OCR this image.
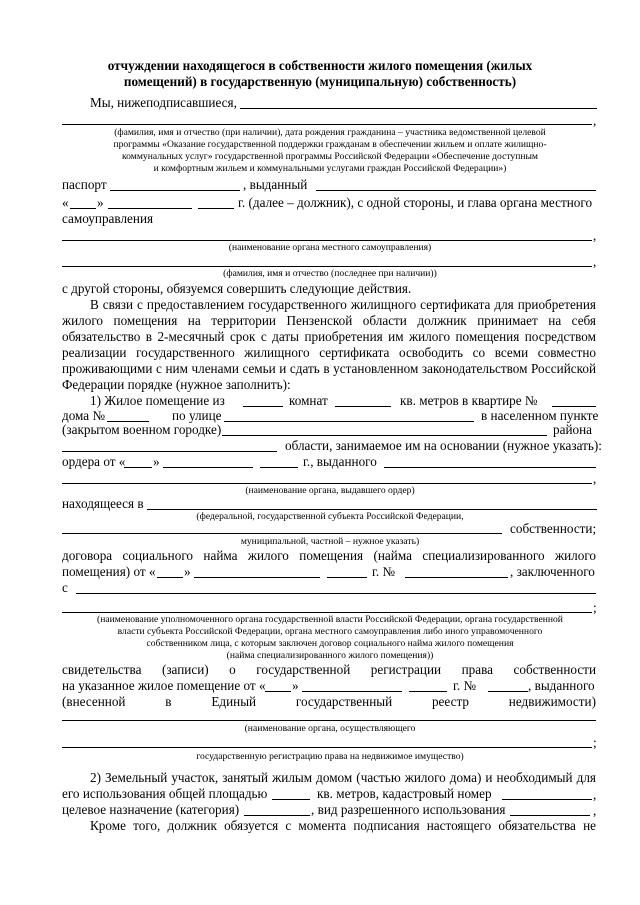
отчуждении находящегося в собственности жилого помещения (жилых
помещений) в государственную (муниципальную) собственность)
Мы, нижеподписавшиеся,
,
(фамилия, имя и отчество (при наличии), дата рождения гражданина – участника ведомственной целевой
программы «Оказание государственной поддержки гражданам в обеспечении жильем и оплате жилищно-
коммунальных услуг» государственной программы Российской Федерации «Обеспечение доступным
и комфортным жильем и коммунальными услугами граждан Российской Федерации»)
паспорт	, выданный
« »	г. (далее – должник), с одной стороны, и глава органа местного
самоуправления
,
(наименование органа местного самоуправления)
,
(фамилия, имя и отчество (последнее при наличии))
с другой стороны, обязуемся совершить следующие действия.
В связи с предоставлением государственного жилищного сертификата для приобретения
жилого помещения на территории Пензенской области должник принимает на себя
обязательство в 2-месячный срок с даты приобретения им жилого помещения посредством
реализации государственного жилищного сертификата освободить со всеми совместно
проживающими с ним членами семьи и сдать в установленном законодательством Российской
Федерации порядке (нужное заполнить):
1) Жилое помещение из	комнат	кв. метров в квартире №
дома №	по улице	в населенном пункте
(закрытом военном городке)	района
области, занимаемое им на основании (нужное указать):
ордера от « »	г., выданного
,
(наименование органа, выдавшего ордер)
находящееся в
(федеральной, государственной субъекта Российской Федерации,
собственности;
муниципальной, частной – нужное указать)
договора социального найма жилого помещения (найма специализированного жилого
помещения) от « »	г. №	, заключенного
с
;
(наименование уполномоченного органа государственной власти Российской Федерации, органа государственной
власти субъекта Российской Федерации, органа местного самоуправления либо иного управомоченного
собственником лица, с которым заключен договор социального найма жилого помещения
(найма специализированного жилого помещения))
свидетельства (записи) о государственной регистрации права собственности
на указанное жилое помещение от « »	г. №	, выданного
(внесенной в Единый государственный реестр недвижимости)
(наименование органа, осуществляющего
;
государственную регистрацию права на недвижимое имущество)
2) Земельный участок, занятый жилым домом (частью жилого дома) и необходимый для
его использования общей площадью	кв. метров, кадастровый номер	,
целевое назначение (категория)	, вид разрешенного использования	,
Кроме того, должник обязуется с момента подписания настоящего обязательства не
